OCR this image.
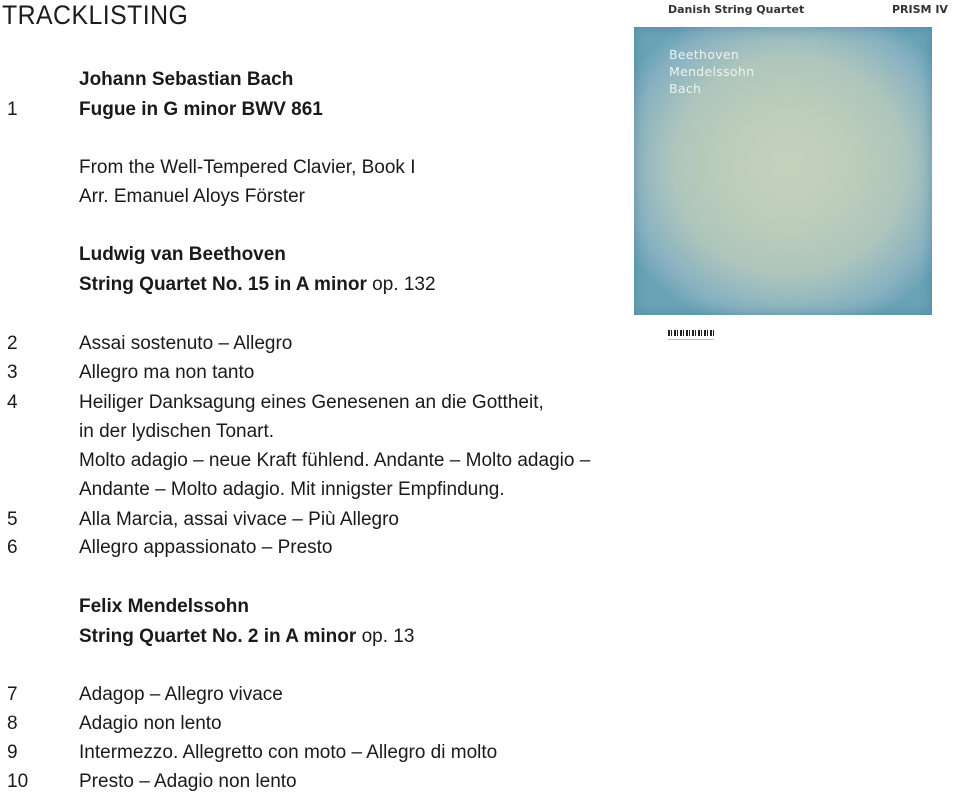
TRACKLISTING	Danish String Quartet	PRISM IV
Beethoven
Mendelssohn
Bach
Johann Sebastian Bach
1	Fugue in G minor BWV 861
From the Well-Tempered Clavier, Book I
Arr. Emanuel Aloys Förster
Ludwig van Beethoven
String Quartet No. 15 in A minor op. 132
2	Assai sostenuto – Allegro
3	Allegro ma non tanto
4	Heiliger Danksagung eines Genesenen an die Gottheit,
in der lydischen Tonart.
Molto adagio – neue Kraft fühlend. Andante – Molto adagio –
Andante – Molto adagio. Mit innigster Empfindung.
5	Alla Marcia, assai vivace – Più Allegro
6	Allegro appassionato – Presto
Felix Mendelssohn
String Quartet No. 2 in A minor op. 13
7	Adagop – Allegro vivace
8	Adagio non lento
9	Intermezzo. Allegretto con moto – Allegro di molto
10	Presto – Adagio non lento
